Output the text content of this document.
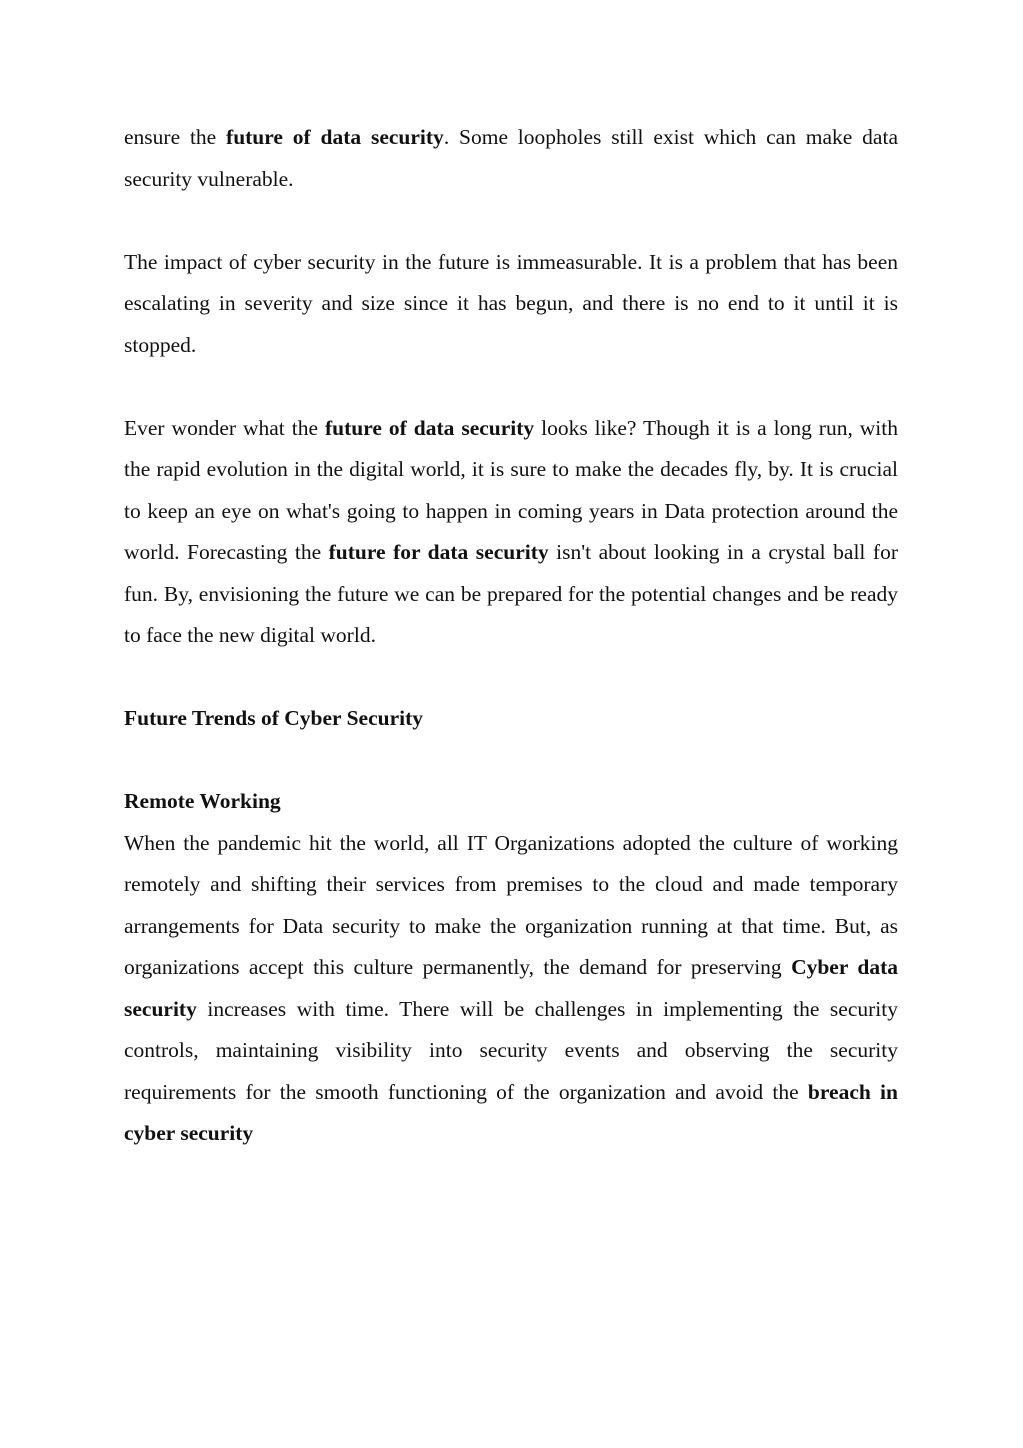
ensure the future of data security. Some loopholes still exist which can make data security vulnerable.

The impact of cyber security in the future is immeasurable. It is a problem that has been escalating in severity and size since it has begun, and there is no end to it until it is stopped.

Ever wonder what the future of data security looks like? Though it is a long run, with the rapid evolution in the digital world, it is sure to make the decades fly, by. It is crucial to keep an eye on what's going to happen in coming years in Data protection around the world. Forecasting the future for data security isn't about looking in a crystal ball for fun. By, envisioning the future we can be prepared for the potential changes and be ready to face the new digital world.

Future Trends of Cyber Security

Remote Working

When the pandemic hit the world, all IT Organizations adopted the culture of working remotely and shifting their services from premises to the cloud and made temporary arrangements for Data security to make the organization running at that time. But, as organizations accept this culture permanently, the demand for preserving Cyber data security increases with time. There will be challenges in implementing the security controls, maintaining visibility into security events and observing the security requirements for the smooth functioning of the organization and avoid the breach in cyber security
